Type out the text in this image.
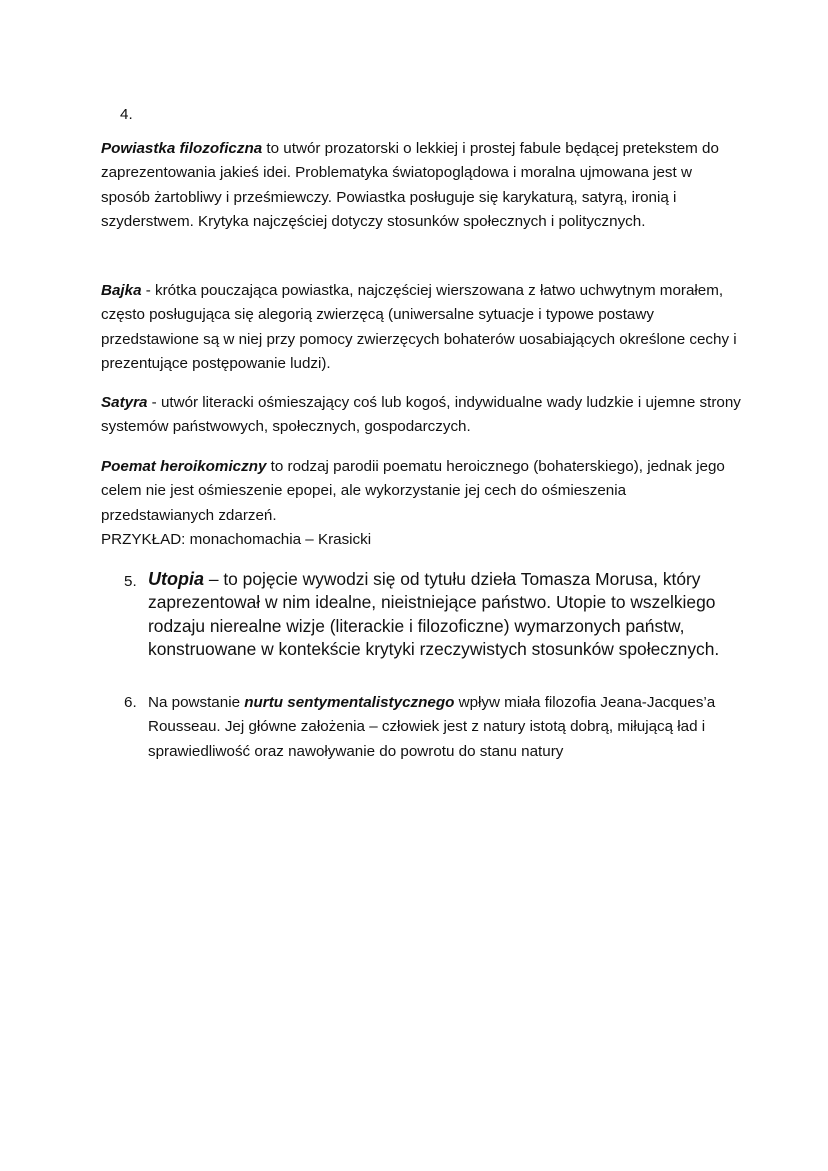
4.

Powiastka filozoficzna to utwór prozatorski o lekkiej i prostej fabule będącej pretekstem do zaprezentowania jakieś idei. Problematyka światopoglądowa i moralna ujmowana jest w sposób żartobliwy i prześmiewczy. Powiastka posługuje się karykaturą, satyrą, ironią i szyderstwem. Krytyka najczęściej dotyczy stosunków społecznych i politycznych.

Bajka - krótka pouczająca powiastka, najczęściej wierszowana z łatwo uchwytnym morałem, często posługująca się alegorią zwierzęcą (uniwersalne sytuacje i typowe postawy przedstawione są w niej przy pomocy zwierzęcych bohaterów uosabiających określone cechy i prezentujące postępowanie ludzi).

Satyra - utwór literacki ośmieszający coś lub kogoś, indywidualne wady ludzkie i ujemne strony systemów państwowych, społecznych, gospodarczych.

Poemat heroikomiczny to rodzaj parodii poematu heroicznego (bohaterskiego), jednak jego celem nie jest ośmieszenie epopei, ale wykorzystanie jej cech do ośmieszenia przedstawianych zdarzeń.
PRZYKŁAD: monachomachia – Krasicki

5. Utopia – to pojęcie wywodzi się od tytułu dzieła Tomasza Morusa, który zaprezentował w nim idealne, nieistniejące państwo. Utopie to wszelkiego rodzaju nierealne wizje (literackie i filozoficzne) wymarzonych państw, konstruowane w kontekście krytyki rzeczywistych stosunków społecznych.

6. Na powstanie nurtu sentymentalistycznego wpływ miała filozofia Jeana-Jacques’a Rousseau. Jej główne założenia – człowiek jest z natury istotą dobrą, miłującą ład i sprawiedliwość oraz nawoływanie do powrotu do stanu natury
